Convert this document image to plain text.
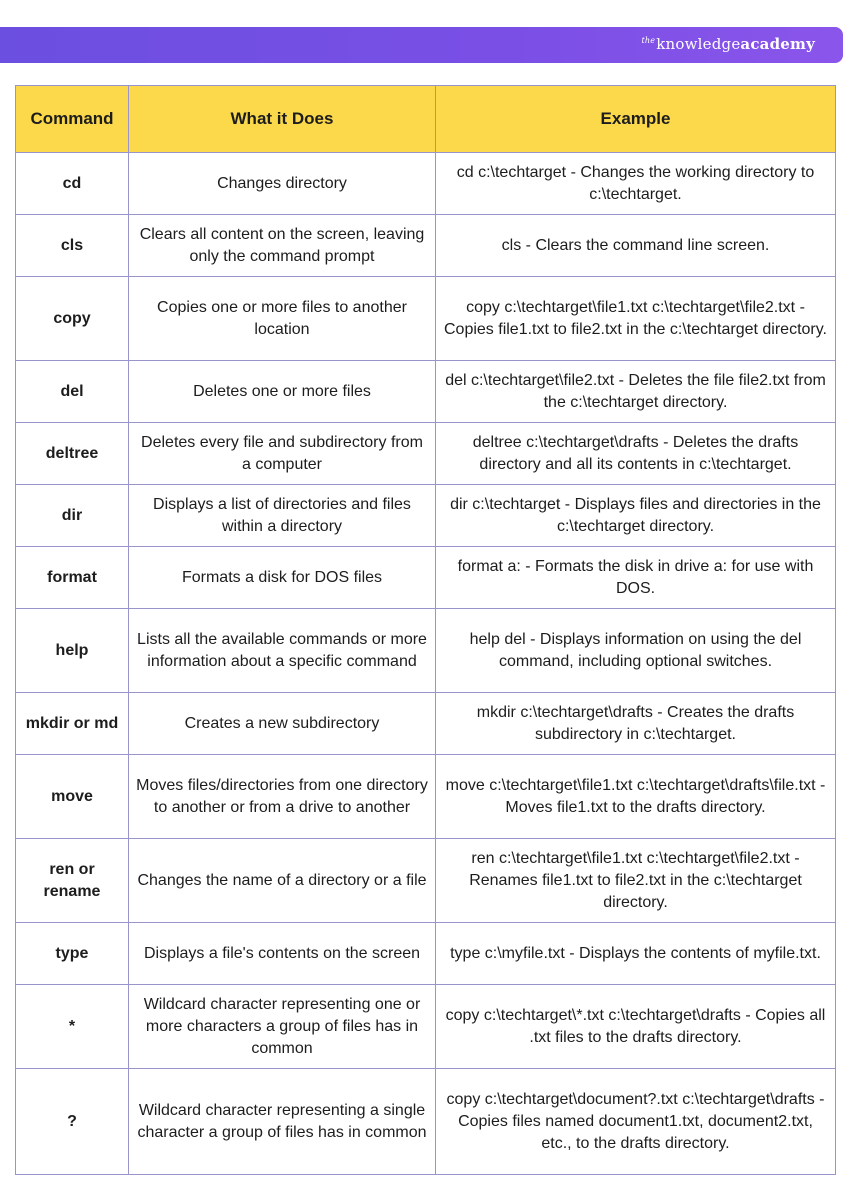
$^{the}$knowledgeacademy
Command	What it Does	Example
cd	Changes directory	cd c:\techtarget - Changes the working directory to c:\techtarget.
cls	Clears all content on the screen, leaving only the command prompt	cls - Clears the command line screen.
copy	Copies one or more files to another location	copy c:\techtarget\file1.txt c:\techtarget\file2.txt - Copies file1.txt to file2.txt in the c:\techtarget directory.
del	Deletes one or more files	del c:\techtarget\file2.txt - Deletes the file file2.txt from the c:\techtarget directory.
deltree	Deletes every file and subdirectory from a computer	deltree c:\techtarget\drafts - Deletes the drafts directory and all its contents in c:\techtarget.
dir	Displays a list of directories and files within a directory	dir c:\techtarget - Displays files and directories in the c:\techtarget directory.
format	Formats a disk for DOS files	format a: - Formats the disk in drive a: for use with DOS.
help	Lists all the available commands or more information about a specific command	help del - Displays information on using the del command, including optional switches.
mkdir or md	Creates a new subdirectory	mkdir c:\techtarget\drafts - Creates the drafts subdirectory in c:\techtarget.
move	Moves files/directories from one directory to another or from a drive to another	move c:\techtarget\file1.txt c:\techtarget\drafts\file.txt - Moves file1.txt to the drafts directory.
ren or rename	Changes the name of a directory or a file	ren c:\techtarget\file1.txt c:\techtarget\file2.txt - Renames file1.txt to file2.txt in the c:\techtarget directory.
type	Displays a file's contents on the screen	type c:\myfile.txt - Displays the contents of myfile.txt.
*	Wildcard character representing one or more characters a group of files has in common	copy c:\techtarget\*.txt c:\techtarget\drafts - Copies all .txt files to the drafts directory.
?	Wildcard character representing a single character a group of files has in common	copy c:\techtarget\document?.txt c:\techtarget\drafts - Copies files named document1.txt, document2.txt, etc., to the drafts directory.
